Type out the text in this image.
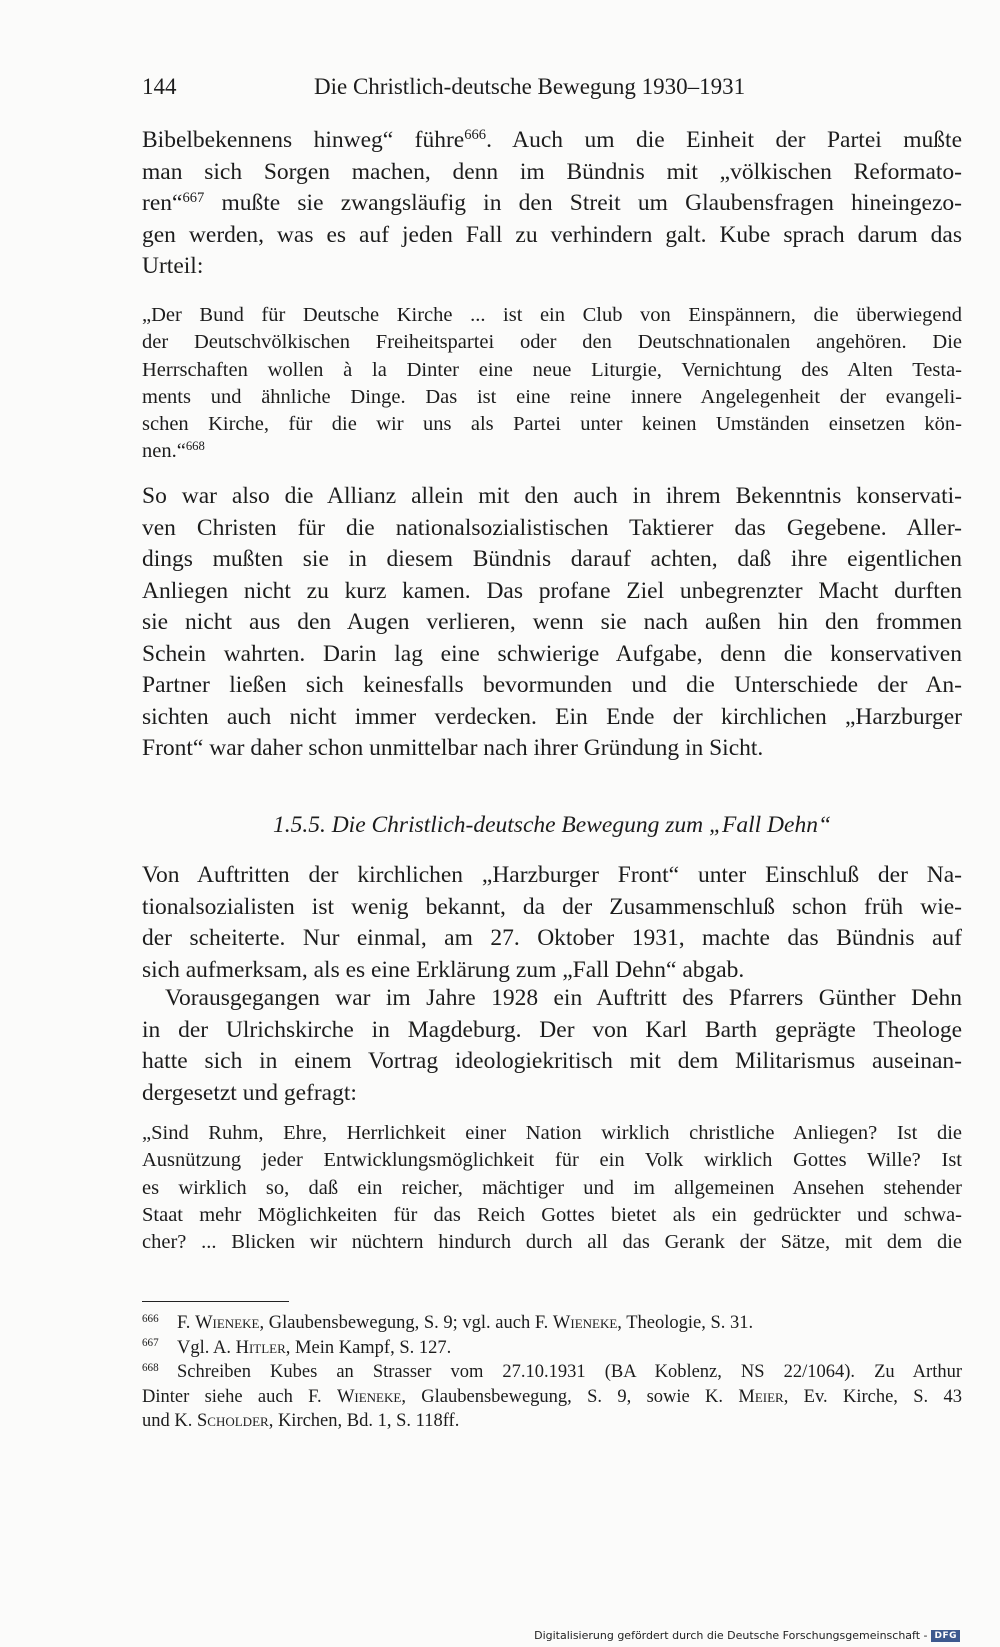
144	Die Christlich-deutsche Bewegung 1930–1931
Bibelbekennens hinweg“ führe$^{666}$. Auch um die Einheit der Partei mußte
man sich Sorgen machen, denn im Bündnis mit „völkischen Reformato-
ren“$^{667}$ mußte sie zwangsläufig in den Streit um Glaubensfragen hineingezo-
gen werden, was es auf jeden Fall zu verhindern galt. Kube sprach darum das
Urteil:
„Der Bund für Deutsche Kirche ... ist ein Club von Einspännern, die überwiegend
der Deutschvölkischen Freiheitspartei oder den Deutschnationalen angehören. Die
Herrschaften wollen à la Dinter eine neue Liturgie, Vernichtung des Alten Testa-
ments und ähnliche Dinge. Das ist eine reine innere Angelegenheit der evangeli-
schen Kirche, für die wir uns als Partei unter keinen Umständen einsetzen kön-
nen.“$^{668}$
So war also die Allianz allein mit den auch in ihrem Bekenntnis konservati-
ven Christen für die nationalsozialistischen Taktierer das Gegebene. Aller-
dings mußten sie in diesem Bündnis darauf achten, daß ihre eigentlichen
Anliegen nicht zu kurz kamen. Das profane Ziel unbegrenzter Macht durften
sie nicht aus den Augen verlieren, wenn sie nach außen hin den frommen
Schein wahrten. Darin lag eine schwierige Aufgabe, denn die konservativen
Partner ließen sich keinesfalls bevormunden und die Unterschiede der An-
sichten auch nicht immer verdecken. Ein Ende der kirchlichen „Harzburger
Front“ war daher schon unmittelbar nach ihrer Gründung in Sicht.
1.5.5. Die Christlich-deutsche Bewegung zum „Fall Dehn“
Von Auftritten der kirchlichen „Harzburger Front“ unter Einschluß der Na-
tionalsozialisten ist wenig bekannt, da der Zusammenschluß schon früh wie-
der scheiterte. Nur einmal, am 27. Oktober 1931, machte das Bündnis auf
sich aufmerksam, als es eine Erklärung zum „Fall Dehn“ abgab.
Vorausgegangen war im Jahre 1928 ein Auftritt des Pfarrers Günther Dehn
in der Ulrichskirche in Magdeburg. Der von Karl Barth geprägte Theologe
hatte sich in einem Vortrag ideologiekritisch mit dem Militarismus auseinan-
dergesetzt und gefragt:
„Sind Ruhm, Ehre, Herrlichkeit einer Nation wirklich christliche Anliegen? Ist die
Ausnützung jeder Entwicklungsmöglichkeit für ein Volk wirklich Gottes Wille? Ist
es wirklich so, daß ein reicher, mächtiger und im allgemeinen Ansehen stehender
Staat mehr Möglichkeiten für das Reich Gottes bietet als ein gedrückter und schwa-
cher? ... Blicken wir nüchtern hindurch durch all das Gerank der Sätze, mit dem die
$^{666}$ F. Wieneke, Glaubensbewegung, S. 9; vgl. auch F. Wieneke, Theologie, S. 31.
$^{667}$ Vgl. A. Hitler, Mein Kampf, S. 127.
$^{668}$ Schreiben Kubes an Strasser vom 27.10.1931 (BA Koblenz, NS 22/1064). Zu Arthur
Dinter siehe auch F. Wieneke, Glaubensbewegung, S. 9, sowie K. Meier, Ev. Kirche, S. 43
und K. Scholder, Kirchen, Bd. 1, S. 118ff.
Digitalisierung gefördert durch die Deutsche Forschungsgemeinschaft - DFG
